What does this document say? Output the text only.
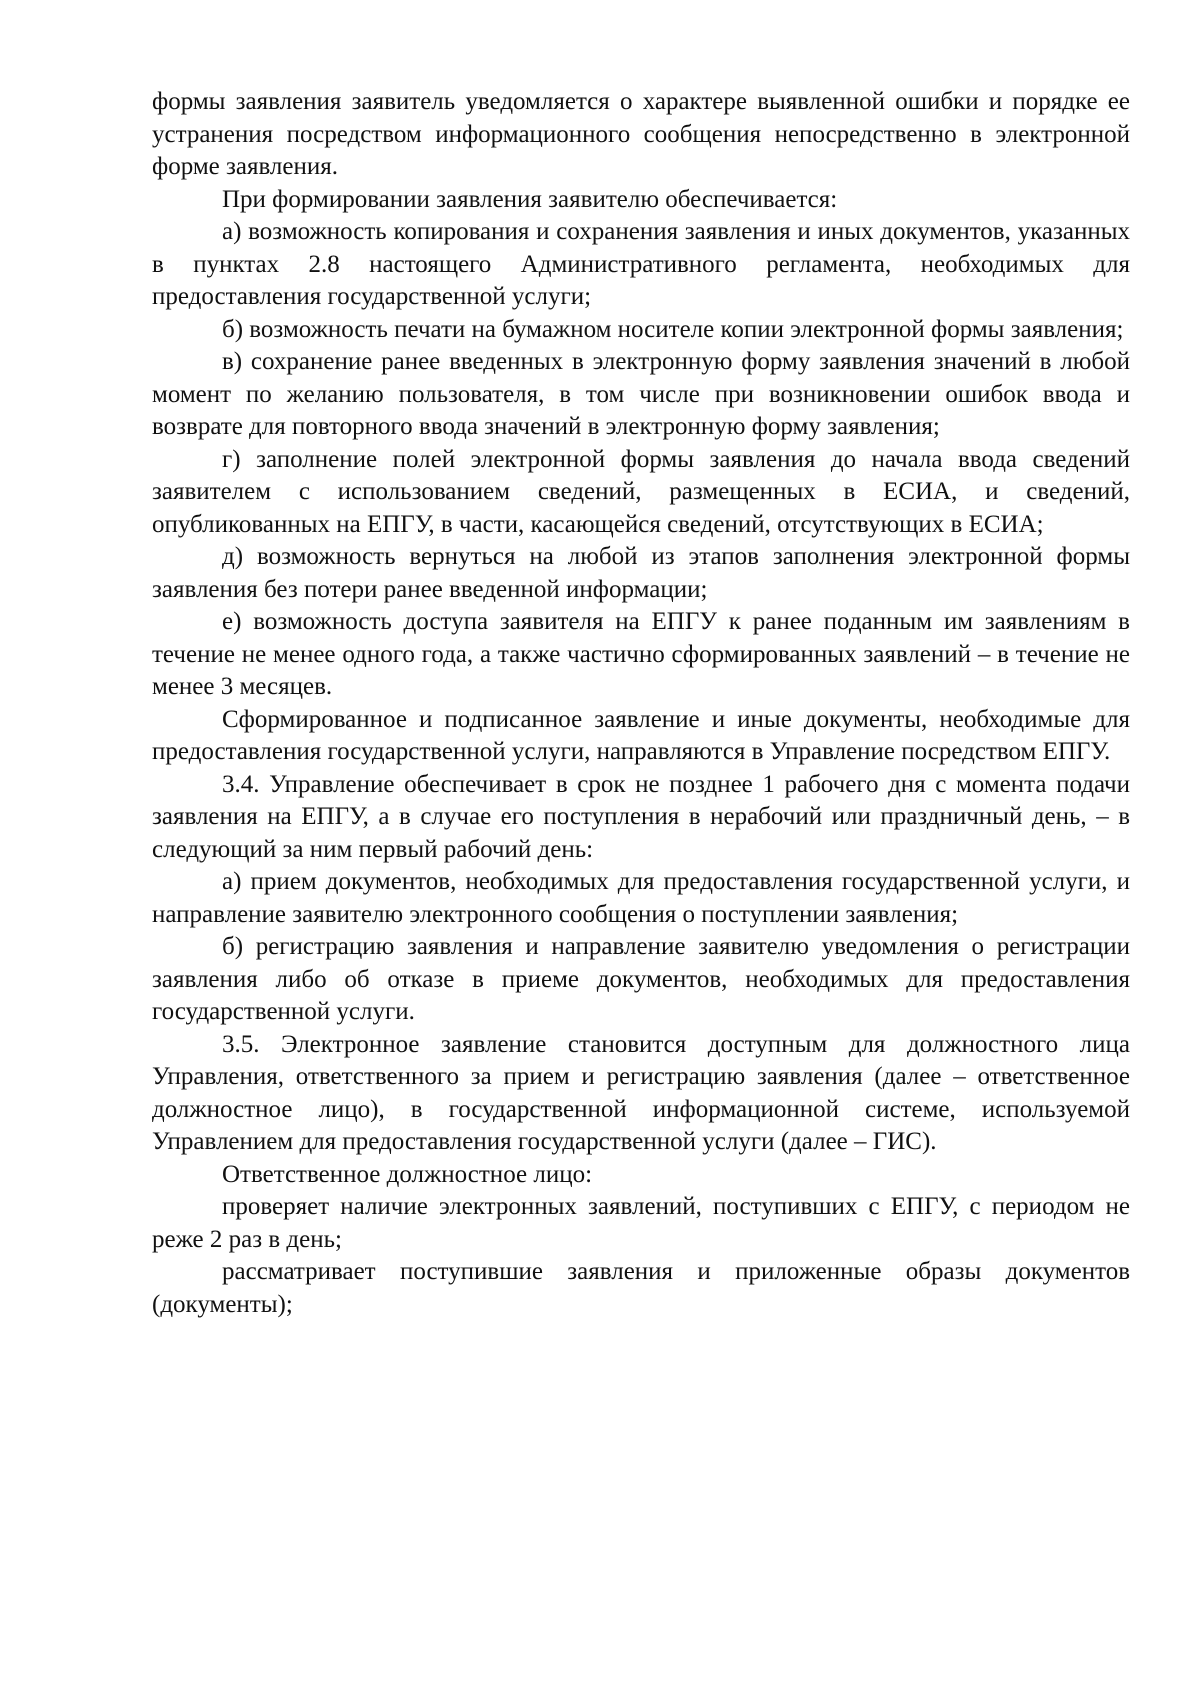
формы заявления заявитель уведомляется о характере выявленной ошибки и порядке ее устранения посредством информационного сообщения непосредственно в электронной форме заявления.

При формировании заявления заявителю обеспечивается:

а) возможность копирования и сохранения заявления и иных документов, указанных в пунктах 2.8 настоящего Административного регламента, необходимых для предоставления государственной услуги;

б) возможность печати на бумажном носителе копии электронной формы заявления;

в) сохранение ранее введенных в электронную форму заявления значений в любой момент по желанию пользователя, в том числе при возникновении ошибок ввода и возврате для повторного ввода значений в электронную форму заявления;

г) заполнение полей электронной формы заявления до начала ввода сведений заявителем с использованием сведений, размещенных в ЕСИА, и сведений, опубликованных на ЕПГУ, в части, касающейся сведений, отсутствующих в ЕСИА;

д) возможность вернуться на любой из этапов заполнения электронной формы заявления без потери ранее введенной информации;

е) возможность доступа заявителя на ЕПГУ к ранее поданным им заявлениям в течение не менее одного года, а также частично сформированных заявлений – в течение не менее 3 месяцев.

Сформированное и подписанное заявление и иные документы, необходимые для предоставления государственной услуги, направляются в Управление посредством ЕПГУ.

3.4. Управление обеспечивает в срок не позднее 1 рабочего дня с момента подачи заявления на ЕПГУ, а в случае его поступления в нерабочий или праздничный день, – в следующий за ним первый рабочий день:

а) прием документов, необходимых для предоставления государственной услуги, и направление заявителю электронного сообщения о поступлении заявления;

б) регистрацию заявления и направление заявителю уведомления о регистрации заявления либо об отказе в приеме документов, необходимых для предоставления государственной услуги.

3.5. Электронное заявление становится доступным для должностного лица Управления, ответственного за прием и регистрацию заявления (далее – ответственное должностное лицо), в государственной информационной системе, используемой Управлением для предоставления государственной услуги (далее – ГИС).

Ответственное должностное лицо:

проверяет наличие электронных заявлений, поступивших с ЕПГУ, с периодом не реже 2 раз в день;

рассматривает поступившие заявления и приложенные образы документов (документы);
